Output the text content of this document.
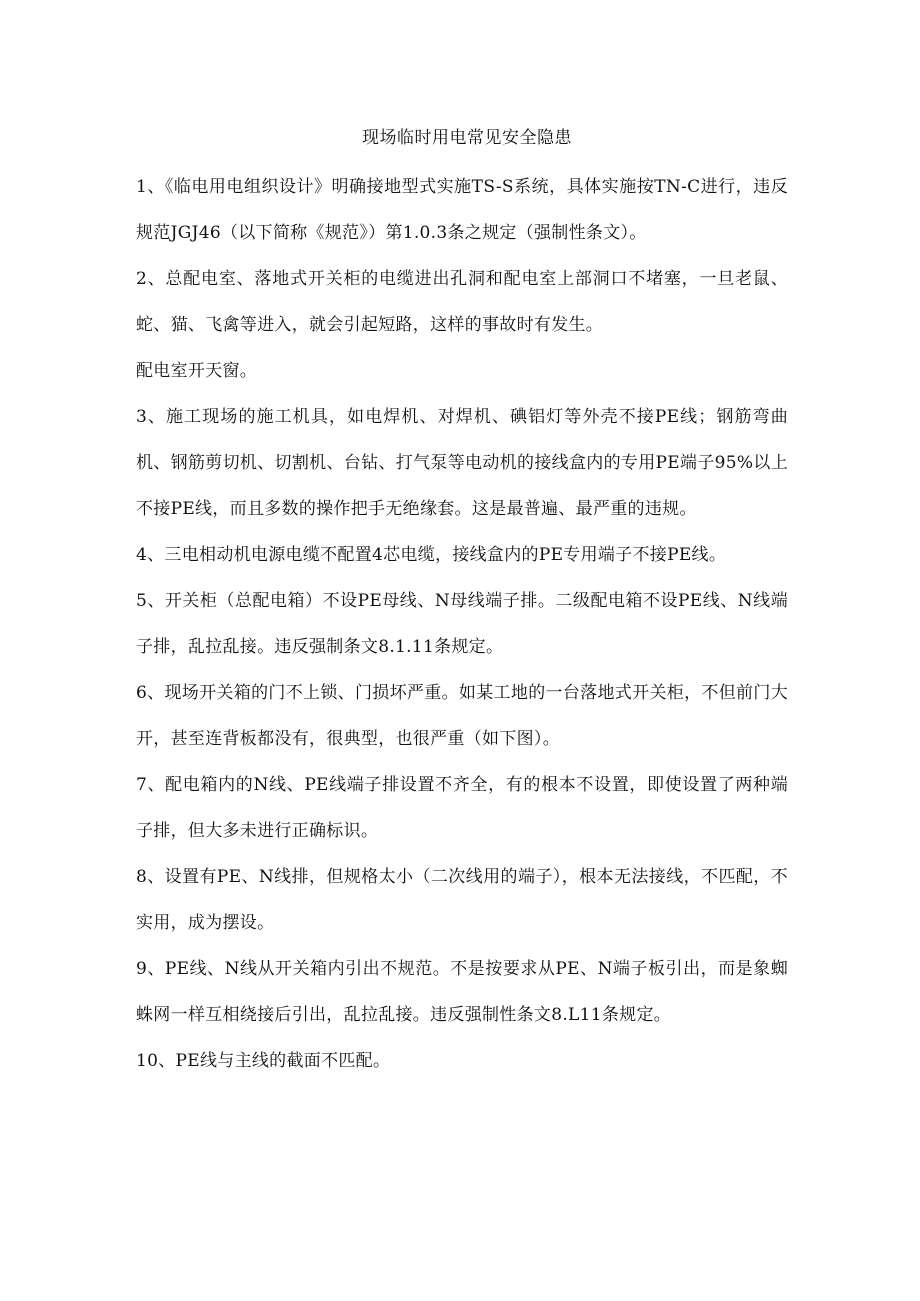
现场临时用电常见安全隐患

1、《临电用电组织设计》明确接地型式实施TS-S系统，具体实施按TN-C进行，违反规范JGJ46（以下简称《规范》）第1.0.3条之规定（强制性条文）。

2、总配电室、落地式开关柜的电缆进出孔洞和配电室上部洞口不堵塞，一旦老鼠、蛇、猫、飞禽等进入，就会引起短路，这样的事故时有发生。

配电室开天窗。

3、施工现场的施工机具，如电焊机、对焊机、碘铝灯等外壳不接PE线；钢筋弯曲机、钢筋剪切机、切割机、台钻、打气泵等电动机的接线盒内的专用PE端子95%以上不接PE线，而且多数的操作把手无绝缘套。这是最普遍、最严重的违规。

4、三电相动机电源电缆不配置4芯电缆，接线盒内的PE专用端子不接PE线。

5、开关柜（总配电箱）不设PE母线、N母线端子排。二级配电箱不设PE线、N线端子排，乱拉乱接。违反强制条文8.1.11条规定。

6、现场开关箱的门不上锁、门损坏严重。如某工地的一台落地式开关柜，不但前门大开，甚至连背板都没有，很典型，也很严重（如下图）。

7、配电箱内的N线、PE线端子排设置不齐全，有的根本不设置，即使设置了两种端子排，但大多未进行正确标识。

8、设置有PE、N线排，但规格太小（二次线用的端子），根本无法接线，不匹配，不实用，成为摆设。

9、PE线、N线从开关箱内引出不规范。不是按要求从PE、N端子板引出，而是象蜘蛛网一样互相绕接后引出，乱拉乱接。违反强制性条文8.L11条规定。

10、PE线与主线的截面不匹配。
